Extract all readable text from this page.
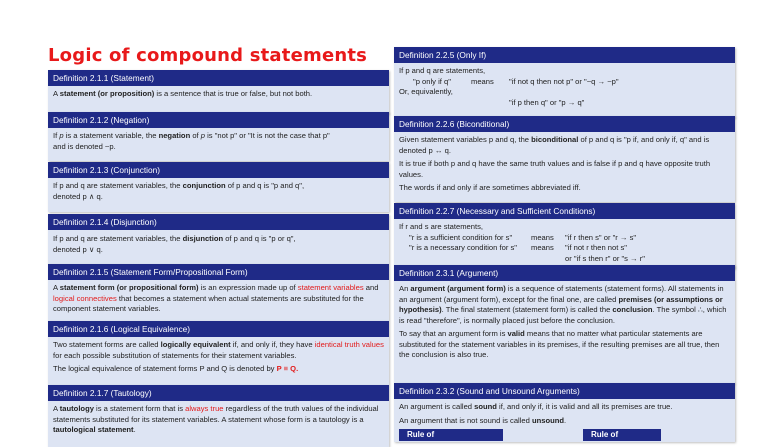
Logic of compound statements
Definition 2.1.1 (Statement)

A statement (or proposition) is a sentence that is true or false, but not both.

Definition 2.1.2 (Negation)

If p is a statement variable, the negation of p is "not p" or "It is not the case that p"
and is denoted ~p.

Definition 2.1.3 (Conjunction)

If p and q are statement variables, the conjunction of p and q is "p and q",
denoted p ∧ q.

Definition 2.1.4 (Disjunction)

If p and q are statement variables, the disjunction of p and q is "p or q",
denoted p ∨ q.

Definition 2.1.5 (Statement Form/Propositional Form)

A statement form (or propositional form) is an expression made up of statement variables and logical connectives that becomes a statement when actual statements are substituted for the component statement variables.

Definition 2.1.6 (Logical Equivalence)

Two statement forms are called logically equivalent if, and only if, they have identical truth values for each possible substitution of statements for their statement variables.

The logical equivalence of statement forms P and Q is denoted by P ≡ Q.

Definition 2.1.7 (Tautology)

A tautology is a statement form that is always true regardless of the truth values of the individual statements substituted for its statement variables. A statement whose form is a tautology is a tautological statement.

Definition 2.2.5 (Only If)
If p and q are statements,
"p only if q"	means "if not q then not p" or "~q → ~p"
Or, equivalently,
"if p then q" or "p → q"
Definition 2.2.6 (Biconditional)

Given statement variables p and q, the biconditional of p and q is "p if, and only if, q" and is denoted p ↔ q.

It is true if both p and q have the same truth values and is false if p and q have opposite truth values.

The words if and only if are sometimes abbreviated iff.

Definition 2.2.7 (Necessary and Sufficient Conditions)
If r and s are statements,
"r is a sufficient condition for s" means "if r then s" or "r → s"
"r is a necessary condition for s" means "if not r then not s"
or "if s then r" or "s → r"
Definition 2.3.1 (Argument)

An argument (argument form) is a sequence of statements (statement forms). All statements in an argument (argument form), except for the final one, are called premises (or assumptions or hypothesis). The final statement (statement form) is called the conclusion. The symbol ∴, which is read "therefore", is normally placed just before the conclusion.

To say that an argument form is valid means that no matter what particular statements are substituted for the statement variables in its premises, if the resulting premises are all true, then the conclusion is also true.

Definition 2.3.2 (Sound and Unsound Arguments)

An argument is called sound if, and only if, it is valid and all its premises are true.

An argument that is not sound is called unsound.

Rule of	Rule of
